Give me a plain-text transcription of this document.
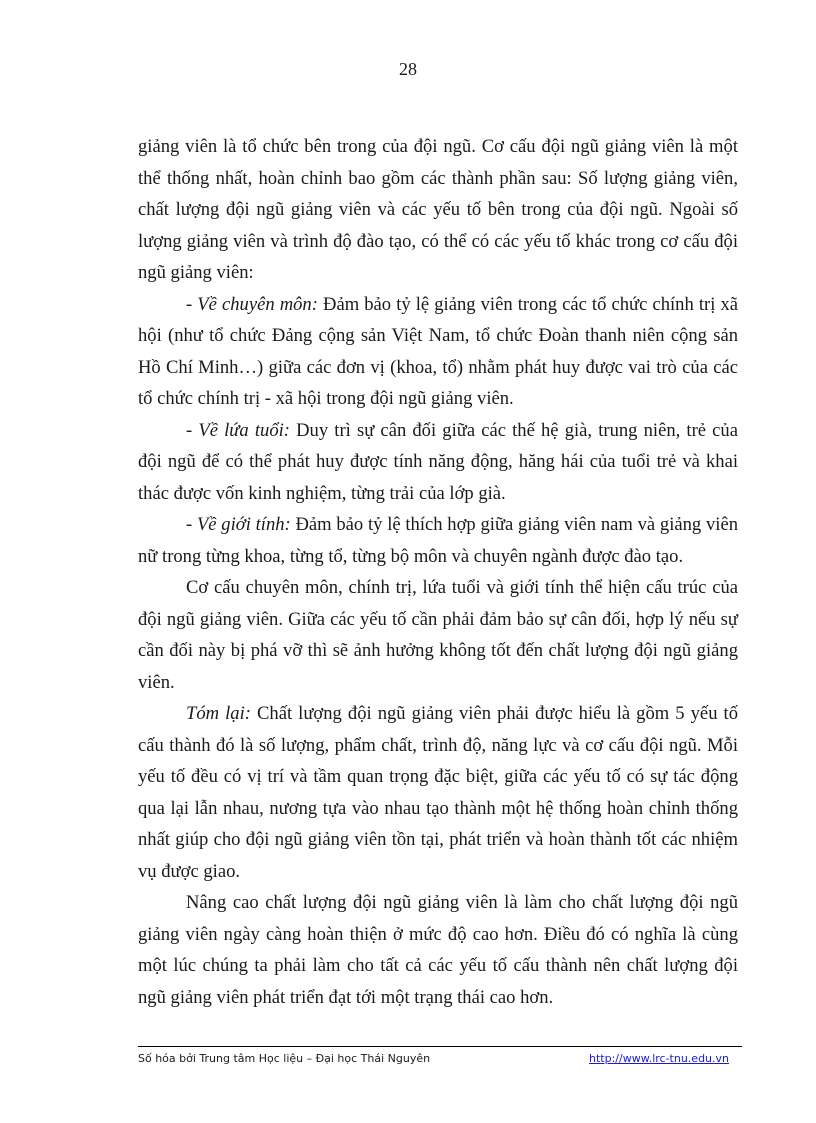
28

giảng viên là tổ chức bên trong của đội ngũ. Cơ cấu đội ngũ giảng viên là một thể thống nhất, hoàn chỉnh bao gồm các thành phần sau: Số lượng giảng viên, chất lượng đội ngũ giảng viên và các yếu tố bên trong của đội ngũ. Ngoài số lượng giảng viên và trình độ đào tạo, có thể có các yếu tố khác trong cơ cấu đội ngũ giảng viên:

- Về chuyên môn: Đảm bảo tỷ lệ giảng viên trong các tổ chức chính trị xã hội (như tổ chức Đảng cộng sản Việt Nam, tổ chức Đoàn thanh niên cộng sản Hồ Chí Minh…) giữa các đơn vị (khoa, tổ) nhằm phát huy được vai trò của các tổ chức chính trị - xã hội trong đội ngũ giảng viên.

- Về lứa tuổi: Duy trì sự cân đối giữa các thế hệ già, trung niên, trẻ của đội ngũ để có thể phát huy được tính năng động, hăng hái của tuổi trẻ và khai thác được vốn kinh nghiệm, từng trải của lớp già.

- Về giới tính: Đảm bảo tỷ lệ thích hợp giữa giảng viên nam và giảng viên nữ trong từng khoa, từng tổ, từng bộ môn và chuyên ngành được đào tạo.

Cơ cấu chuyên môn, chính trị, lứa tuổi và giới tính thể hiện cấu trúc của đội ngũ giảng viên. Giữa các yếu tố cần phải đảm bảo sự cân đối, hợp lý nếu sự cần đối này bị phá vỡ thì sẽ ảnh hưởng không tốt đến chất lượng đội ngũ giảng viên.

Tóm lại: Chất lượng đội ngũ giảng viên phải được hiểu là gồm 5 yếu tố cấu thành đó là số lượng, phẩm chất, trình độ, năng lực và cơ cấu đội ngũ. Mỗi yếu tố đều có vị trí và tầm quan trọng đặc biệt, giữa các yếu tố có sự tác động qua lại lẫn nhau, nương tựa vào nhau tạo thành một hệ thống hoàn chỉnh thống nhất giúp cho đội ngũ giảng viên tồn tại, phát triển và hoàn thành tốt các nhiệm vụ được giao.

Nâng cao chất lượng đội ngũ giảng viên là làm cho chất lượng đội ngũ giảng viên ngày càng hoàn thiện ở mức độ cao hơn. Điều đó có nghĩa là cùng một lúc chúng ta phải làm cho tất cả các yếu tố cấu thành nên chất lượng đội ngũ giảng viên phát triển đạt tới một trạng thái cao hơn.

Số hóa bởi Trung tâm Học liệu – Đại học Thái Nguyên	http://www.lrc-tnu.edu.vn
